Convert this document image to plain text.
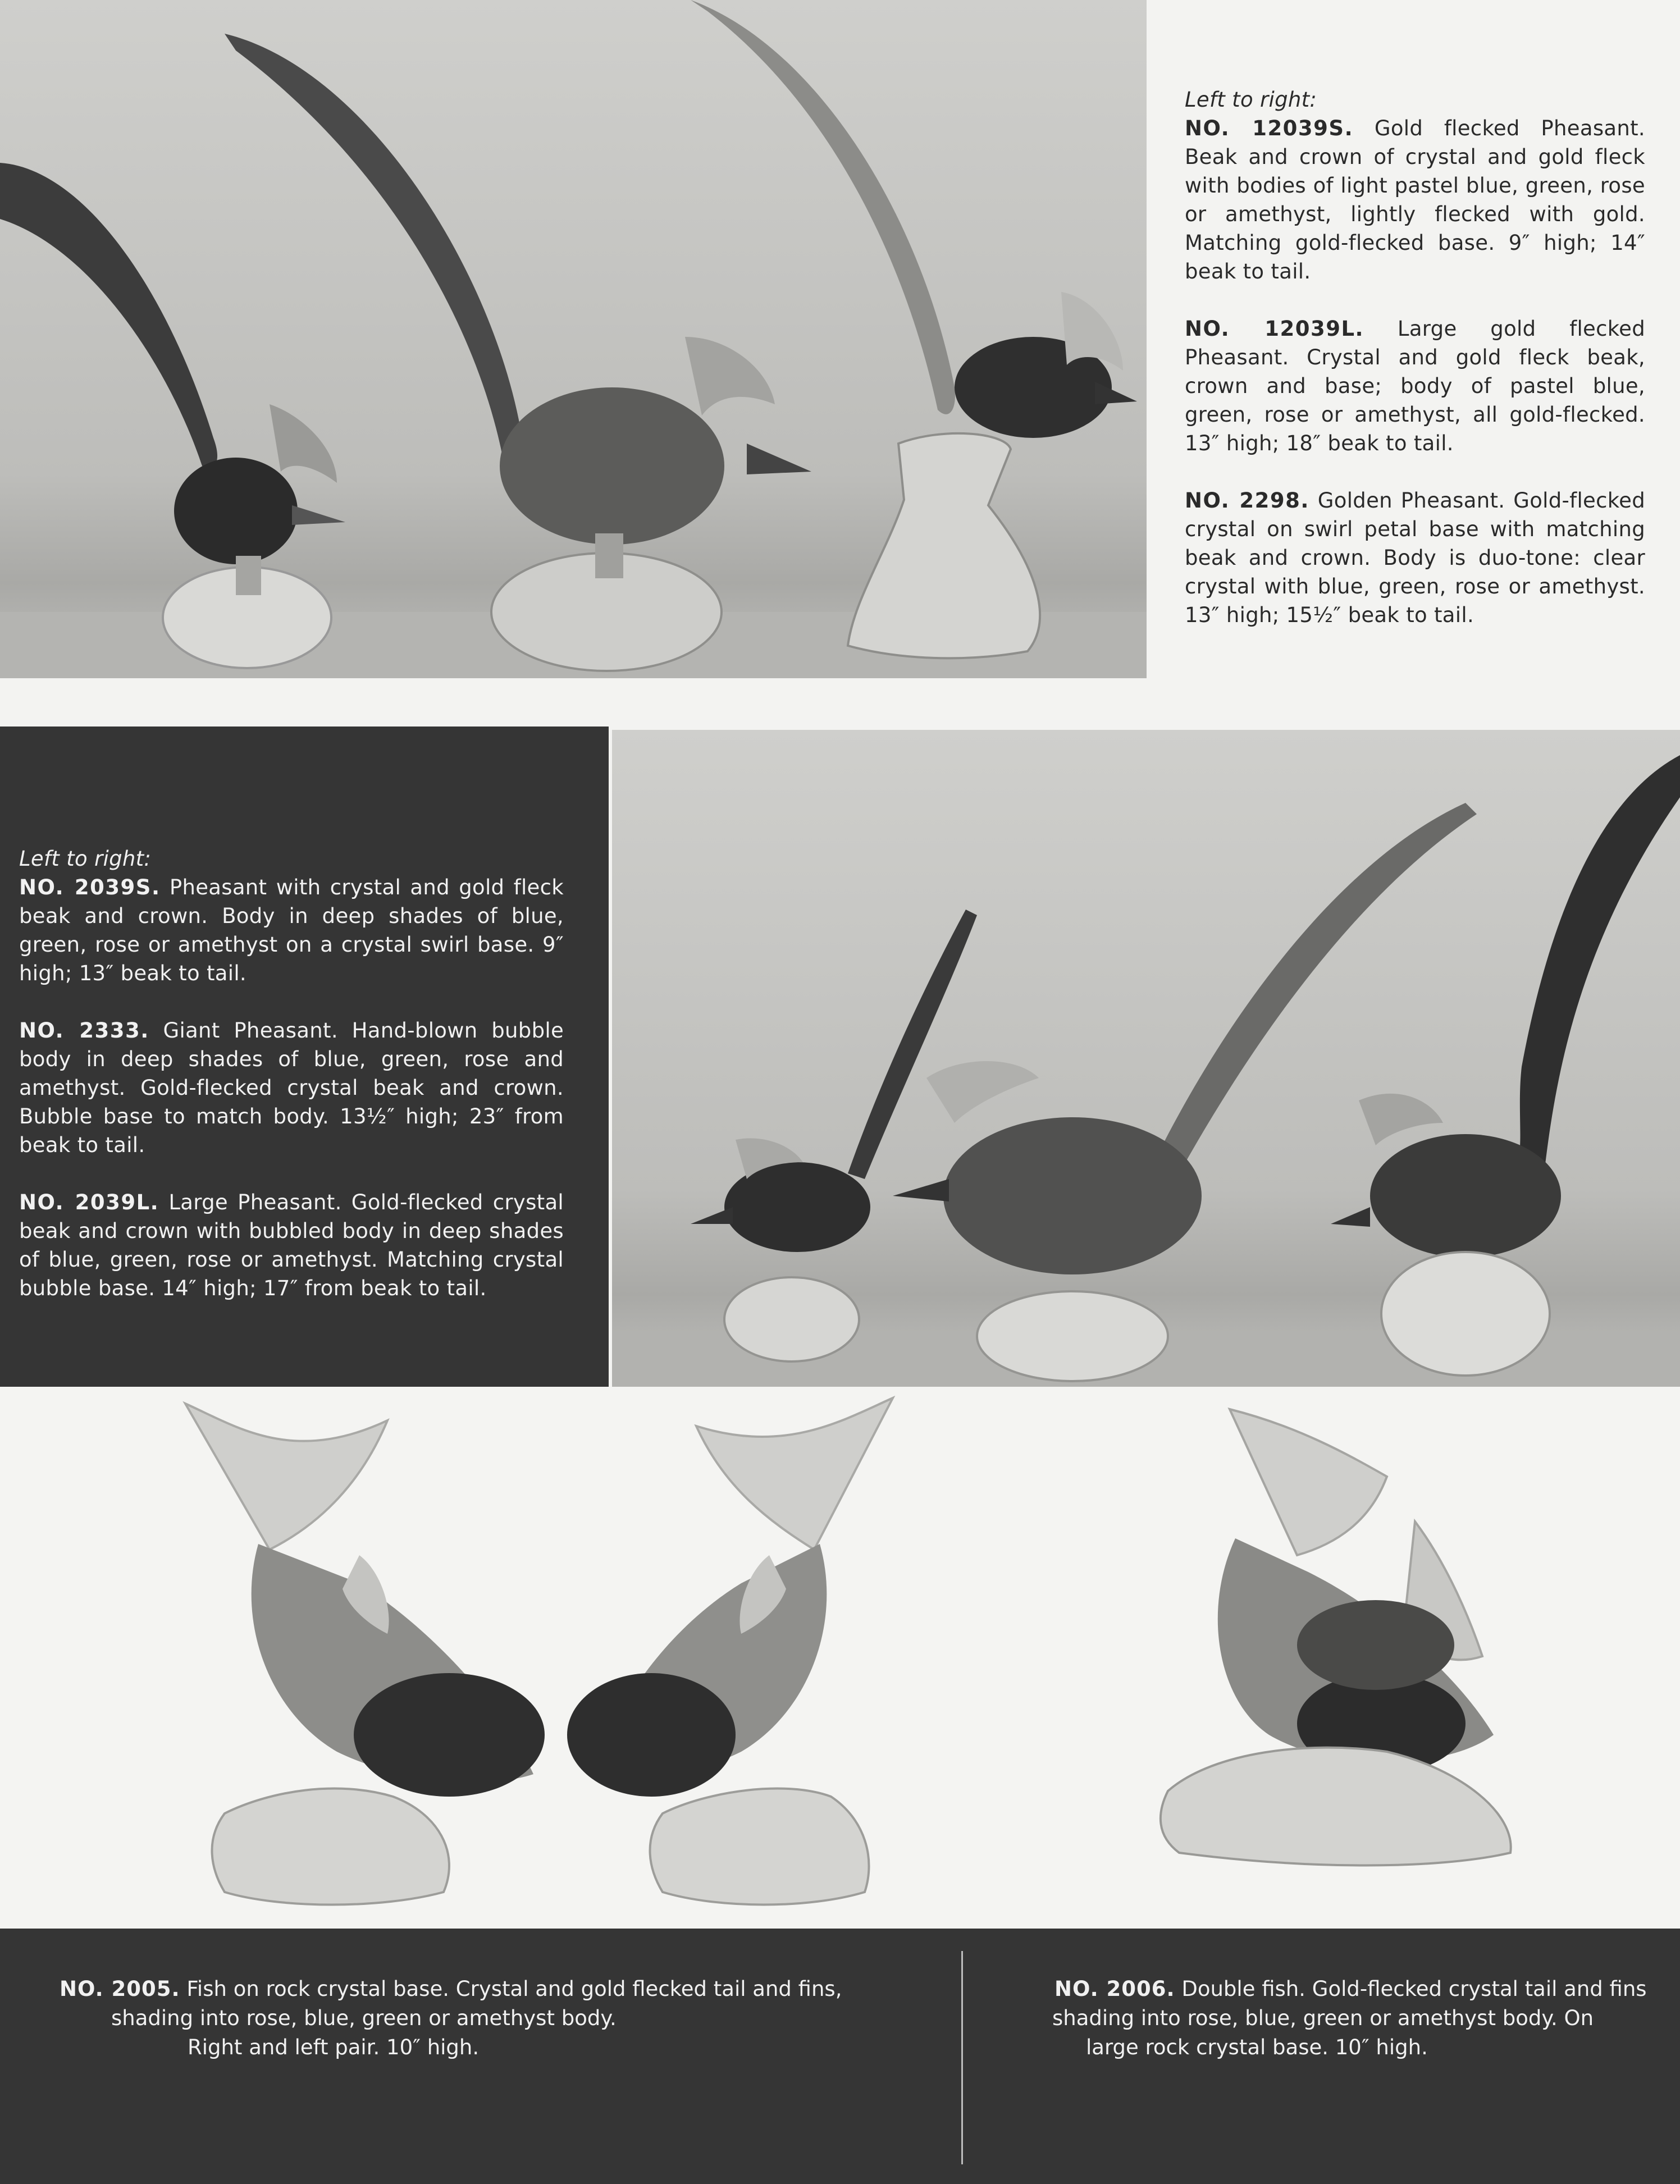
Left to right:

NO. 12039S. Gold flecked Pheasant. Beak and crown of crystal and gold fleck with bodies of light pastel blue, green, rose or amethyst, lightly flecked with gold. Matching gold-flecked base. 9″ high; 14″ beak to tail.

NO. 12039L. Large gold flecked Pheasant. Crystal and gold fleck beak, crown and base; body of pastel blue, green, rose or amethyst, all gold-flecked. 13″ high; 18″ beak to tail.

NO. 2298. Golden Pheasant. Gold-flecked crystal on swirl petal base with matching beak and crown. Body is duo-tone: clear crystal with blue, green, rose or amethyst. 13″ high; 15½″ beak to tail.

Left to right:

NO. 2039S. Pheasant with crystal and gold fleck beak and crown. Body in deep shades of blue, green, rose or amethyst on a crystal swirl base. 9″ high; 13″ beak to tail.

NO. 2333. Giant Pheasant. Hand-blown bubble body in deep shades of blue, green, rose and amethyst. Gold-flecked crystal beak and crown. Bubble base to match body. 13½″ high; 23″ from beak to tail.

NO. 2039L. Large Pheasant. Gold-flecked crystal beak and crown with bubbled body in deep shades of blue, green, rose or amethyst. Matching crystal bubble base. 14″ high; 17″ from beak to tail.

NO. 2005. Fish on rock crystal base. Crystal and gold flecked tail and fins,
shading into rose, blue, green or amethyst body.
Right and left pair. 10″ high.
NO. 2006. Double fish. Gold-flecked crystal tail and fins
shading into rose, blue, green or amethyst body. On
large rock crystal base. 10″ high.
